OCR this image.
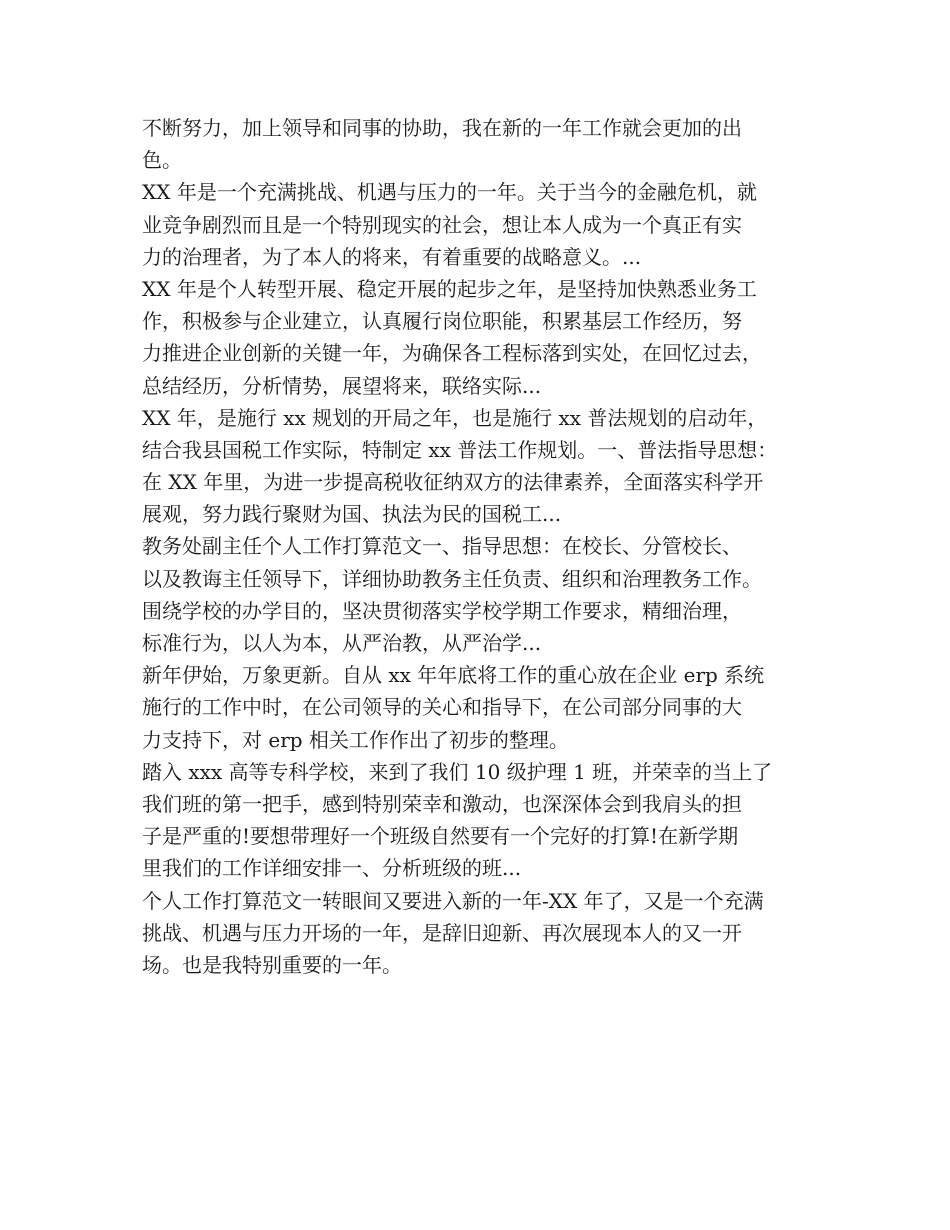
不断努力，加上领导和同事的协助，我在新的一年工作就会更加的出
色。
XX 年是一个充满挑战、机遇与压力的一年。关于当今的金融危机，就
业竞争剧烈而且是一个特别现实的社会，想让本人成为一个真正有实
力的治理者，为了本人的将来，有着重要的战略意义。...
XX 年是个人转型开展、稳定开展的起步之年，是坚持加快熟悉业务工
作，积极参与企业建立，认真履行岗位职能，积累基层工作经历，努
力推进企业创新的关键一年，为确保各工程标落到实处，在回忆过去，
总结经历，分析情势，展望将来，联络实际...
XX 年，是施行 xx 规划的开局之年，也是施行 xx 普法规划的启动年，
结合我县国税工作实际，特制定 xx 普法工作规划。一、普法指导思想：
在 XX 年里，为进一步提高税收征纳双方的法律素养，全面落实科学开
展观，努力践行聚财为国、执法为民的国税工...
教务处副主任个人工作打算范文一、指导思想：在校长、分管校长、
以及教诲主任领导下，详细协助教务主任负责、组织和治理教务工作。
围绕学校的办学目的，坚决贯彻落实学校学期工作要求，精细治理，
标准行为，以人为本，从严治教，从严治学...
新年伊始，万象更新。自从 xx 年年底将工作的重心放在企业 erp 系统
施行的工作中时，在公司领导的关心和指导下，在公司部分同事的大
力支持下，对 erp 相关工作作出了初步的整理。
踏入 xxx 高等专科学校，来到了我们 10 级护理 1 班，并荣幸的当上了
我们班的第一把手，感到特别荣幸和激动，也深深体会到我肩头的担
子是严重的!要想带理好一个班级自然要有一个完好的打算!在新学期
里我们的工作详细安排一、分析班级的班...
个人工作打算范文一转眼间又要进入新的一年-XX 年了，又是一个充满
挑战、机遇与压力开场的一年，是辞旧迎新、再次展现本人的又一开
场。也是我特别重要的一年。
